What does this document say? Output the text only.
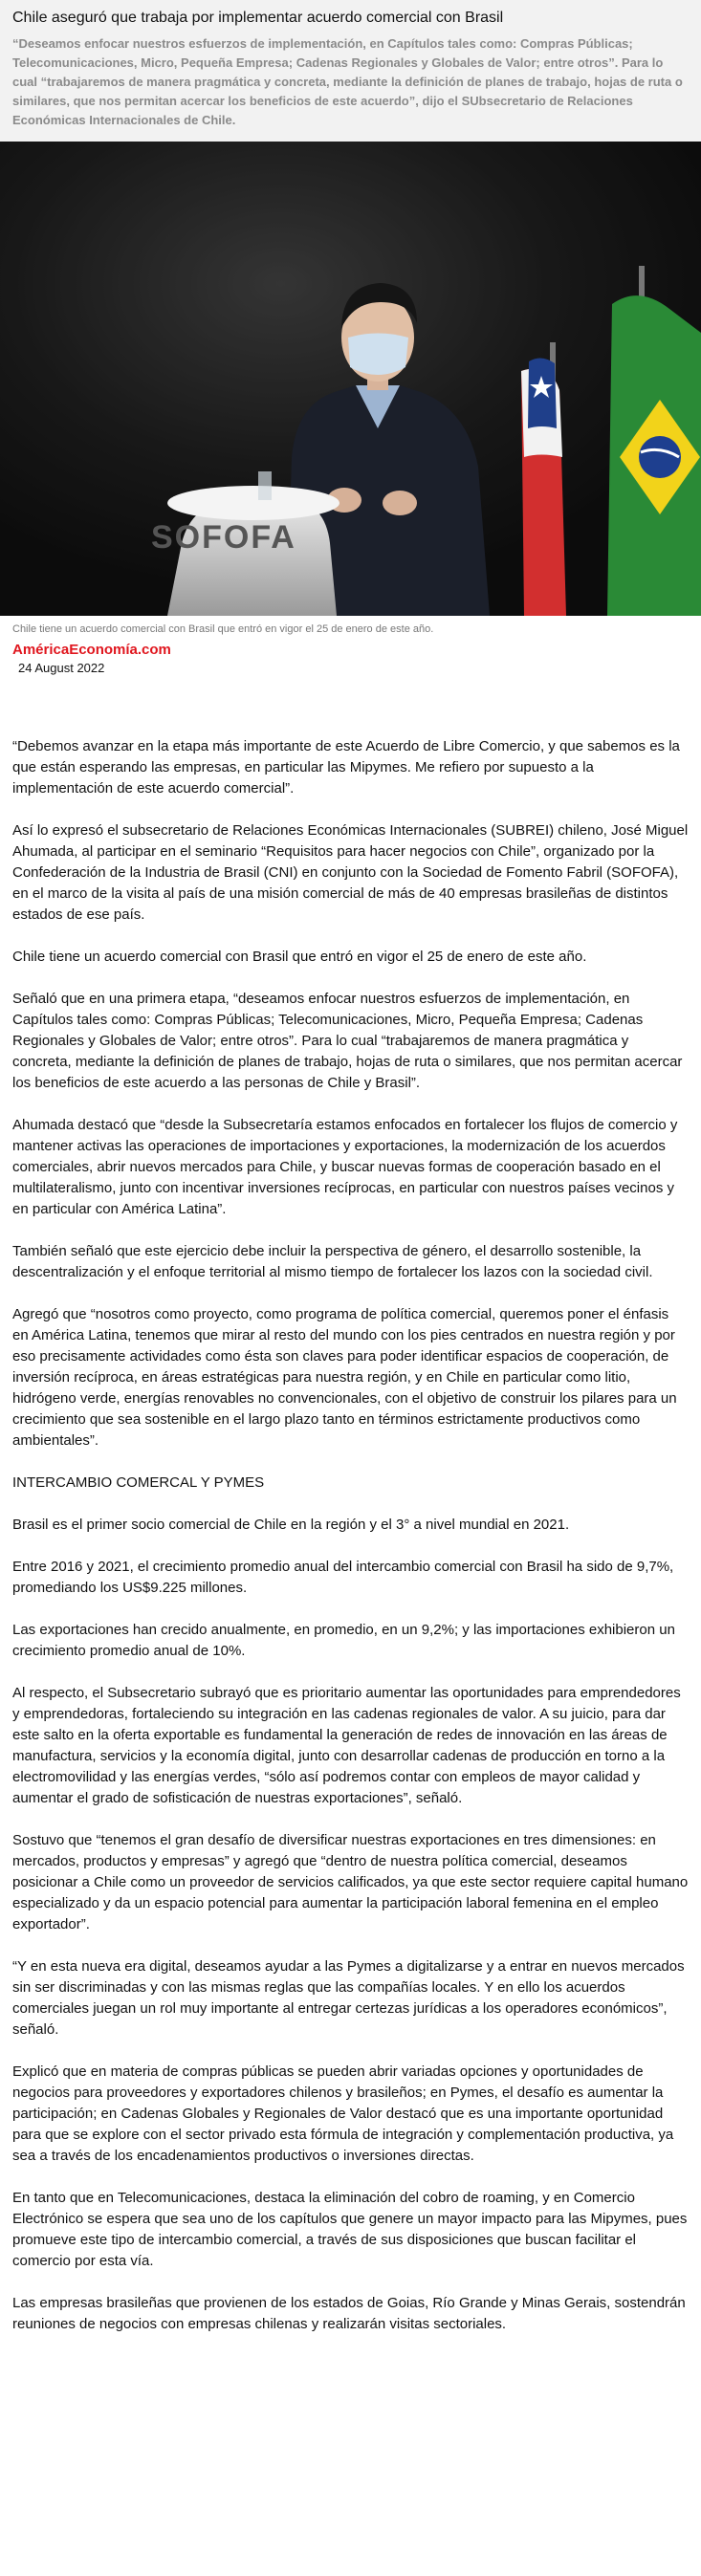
Chile aseguró que trabaja por implementar acuerdo comercial con Brasil

“Deseamos enfocar nuestros esfuerzos de implementación, en Capítulos tales como: Compras Públicas; Telecomunicaciones, Micro, Pequeña Empresa; Cadenas Regionales y Globales de Valor; entre otros”. Para lo cual “trabajaremos de manera pragmática y concreta, mediante la definición de planes de trabajo, hojas de ruta o similares, que nos permitan acercar los beneficios de este acuerdo”, dijo el SUbsecretario de Relaciones Económicas Internacionales de Chile.

SOFOFA
Chile tiene un acuerdo comercial con Brasil que entró en vigor el 25 de enero de este año.
AméricaEconomía.com
24 August 2022

“Debemos avanzar en la etapa más importante de este Acuerdo de Libre Comercio, y que sabemos es la que están esperando las empresas, en particular las Mipymes. Me refiero por supuesto a la implementación de este acuerdo comercial”.

Así lo expresó el subsecretario de Relaciones Económicas Internacionales (SUBREI) chileno, José Miguel Ahumada, al participar en el seminario “Requisitos para hacer negocios con Chile”, organizado por la Confederación de la Industria de Brasil (CNI) en conjunto con la Sociedad de Fomento Fabril (SOFOFA), en el marco de la visita al país de una misión comercial de más de 40 empresas brasileñas de distintos estados de ese país.

Chile tiene un acuerdo comercial con Brasil que entró en vigor el 25 de enero de este año.

Señaló que en una primera etapa, “deseamos enfocar nuestros esfuerzos de implementación, en Capítulos tales como: Compras Públicas; Telecomunicaciones, Micro, Pequeña Empresa; Cadenas Regionales y Globales de Valor; entre otros”. Para lo cual “trabajaremos de manera pragmática y concreta, mediante la definición de planes de trabajo, hojas de ruta o similares, que nos permitan acercar los beneficios de este acuerdo a las personas de Chile y Brasil”.

Ahumada destacó que “desde la Subsecretaría estamos enfocados en fortalecer los flujos de comercio y mantener activas las operaciones de importaciones y exportaciones, la modernización de los acuerdos comerciales, abrir nuevos mercados para Chile, y buscar nuevas formas de cooperación basado en el multilateralismo, junto con incentivar inversiones recíprocas, en particular con nuestros países vecinos y en particular con América Latina”.

También señaló que este ejercicio debe incluir la perspectiva de género, el desarrollo sostenible, la descentralización y el enfoque territorial al mismo tiempo de fortalecer los lazos con la sociedad civil.

Agregó que “nosotros como proyecto, como programa de política comercial, queremos poner el énfasis en América Latina, tenemos que mirar al resto del mundo con los pies centrados en nuestra región y por eso precisamente actividades como ésta son claves para poder identificar espacios de cooperación, de inversión recíproca, en áreas estratégicas para nuestra región, y en Chile en particular como litio, hidrógeno verde, energías renovables no convencionales, con el objetivo de construir los pilares para un crecimiento que sea sostenible en el largo plazo tanto en términos estrictamente productivos como ambientales”.

INTERCAMBIO COMERCAL Y PYMES

Brasil es el primer socio comercial de Chile en la región y el 3° a nivel mundial en 2021.

Entre 2016 y 2021, el crecimiento promedio anual del intercambio comercial con Brasil ha sido de 9,7%, promediando los US$9.225 millones.

Las exportaciones han crecido anualmente, en promedio, en un 9,2%; y las importaciones exhibieron un crecimiento promedio anual de 10%.

Al respecto, el Subsecretario subrayó que es prioritario aumentar las oportunidades para emprendedores y emprendedoras, fortaleciendo su integración en las cadenas regionales de valor. A su juicio, para dar este salto en la oferta exportable es fundamental la generación de redes de innovación en las áreas de manufactura, servicios y la economía digital, junto con desarrollar cadenas de producción en torno a la electromovilidad y las energías verdes, “sólo así podremos contar con empleos de mayor calidad y aumentar el grado de sofisticación de nuestras exportaciones”, señaló.

Sostuvo que “tenemos el gran desafío de diversificar nuestras exportaciones en tres dimensiones: en mercados, productos y empresas” y agregó que “dentro de nuestra política comercial, deseamos posicionar a Chile como un proveedor de servicios calificados, ya que este sector requiere capital humano especializado y da un espacio potencial para aumentar la participación laboral femenina en el empleo exportador”.

“Y en esta nueva era digital, deseamos ayudar a las Pymes a digitalizarse y a entrar en nuevos mercados sin ser discriminadas y con las mismas reglas que las compañías locales. Y en ello los acuerdos comerciales juegan un rol muy importante al entregar certezas jurídicas a los operadores económicos”, señaló.

Explicó que en materia de compras públicas se pueden abrir variadas opciones y oportunidades de negocios para proveedores y exportadores chilenos y brasileños; en Pymes, el desafío es aumentar la participación; en Cadenas Globales y Regionales de Valor destacó que es una importante oportunidad para que se explore con el sector privado esta fórmula de integración y complementación productiva, ya sea a través de los encadenamientos productivos o inversiones directas.

En tanto que en Telecomunicaciones, destaca la eliminación del cobro de roaming, y en Comercio Electrónico se espera que sea uno de los capítulos que genere un mayor impacto para las Mipymes, pues promueve este tipo de intercambio comercial, a través de sus disposiciones que buscan facilitar el comercio por esta vía.

Las empresas brasileñas que provienen de los estados de Goias, Río Grande y Minas Gerais, sostendrán reuniones de negocios con empresas chilenas y realizarán visitas sectoriales.
